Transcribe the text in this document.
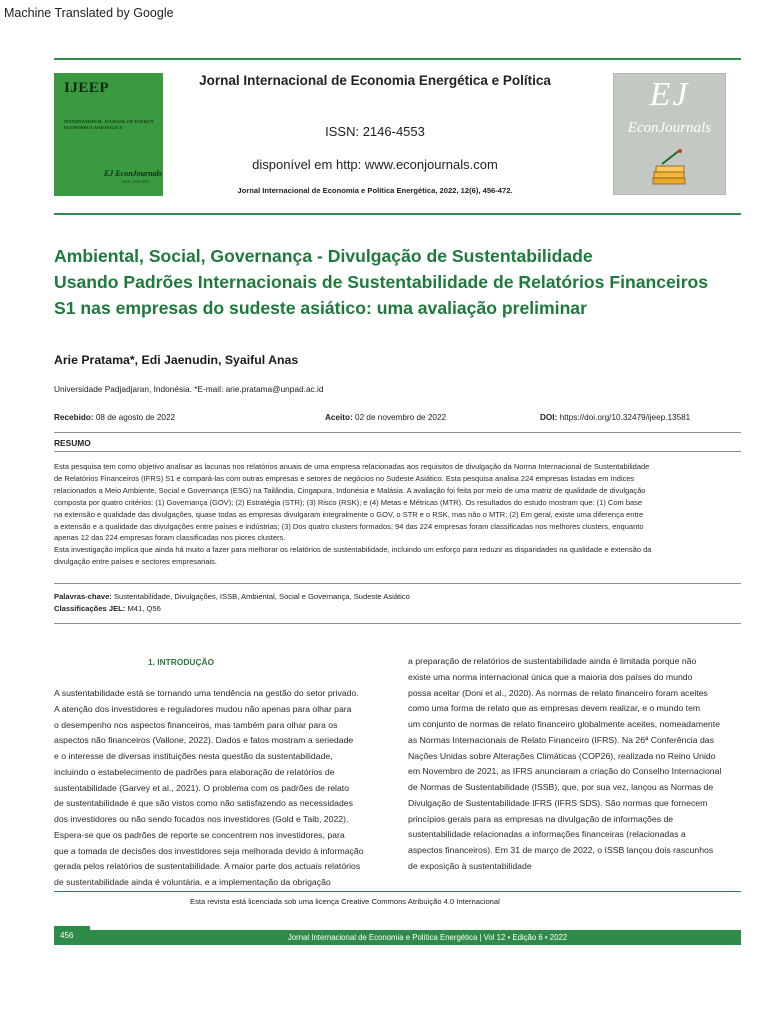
Machine Translated by Google
IJEEP
INTERNATIONAL JOURNAL OF ENERGY ECONOMICS AND POLICY
EJ EconJournals
ISSN: 2146-4553
Jornal Internacional de Economia Energética e Política
ISSN: 2146-4553
disponível em http: www.econjournals.com
Jornal Internacional de Economia e Política Energética, 2022, 12(6), 456-472.
EJ
EconJournals
Ambiental, Social, Governança - Divulgação de Sustentabilidade
Usando Padrões Internacionais de Sustentabilidade de Relatórios Financeiros
S1 nas empresas do sudeste asiático: uma avaliação preliminar
Arie Pratama*, Edi Jaenudin, Syaiful Anas
Universidade Padjadjaran, Indonésia. *E-mail: arie.pratama@unpad.ac.id
Recebido: 08 de agosto de 2022	Aceito: 02 de novembro de 2022	DOI: https://doi.org/10.32479/ijeep.13581
RESUMO
Esta pesquisa tem como objetivo analisar as lacunas nos relatórios anuais de uma empresa relacionadas aos requisitos de divulgação da Norma Internacional de Sustentabilidade
de Relatórios Financeiros (IFRS) S1 e compará-las com outras empresas e setores de negócios no Sudeste Asiático. Esta pesquisa analisa 224 empresas listadas em índices
relacionados a Meio Ambiente, Social e Governança (ESG) na Tailândia, Cingapura, Indonésia e Malásia. A avaliação foi feita por meio de uma matriz de qualidade de divulgação
composta por quatro critérios: (1) Governança (GOV); (2) Estratégia (STR); (3) Risco (RSK); e (4) Metas e Métricas (MTR). Os resultados do estudo mostram que: (1) Com base
na extensão e qualidade das divulgações, quase todas as empresas divulgaram integralmente o GOV, o STR e o RSK, mas não o MTR; (2) Em geral, existe uma diferença entre
a extensão e a qualidade das divulgações entre países e indústrias; (3) Dos quatro clusters formados, 94 das 224 empresas foram classificadas nos melhores clusters, enquanto
apenas 12 das 224 empresas foram classificadas nos piores clusters.
Esta investigação implica que ainda há muito a fazer para melhorar os relatórios de sustentabilidade, incluindo um esforço para reduzir as disparidades na qualidade e extensão da
divulgação entre países e sectores empresariais.
Palavras-chave: Sustentabilidade, Divulgações, ISSB, Ambiental, Social e Governança, Sudeste Asiático
Classificações JEL: M41, Q56
1. INTRODUÇÃO
A sustentabilidade está se tornando uma tendência na gestão do setor privado.
A atenção dos investidores e reguladores mudou não apenas para olhar para
o desempenho nos aspectos financeiros, mas também para olhar para os
aspectos não financeiros (Vallone, 2022). Dados e fatos mostram a seriedade
e o interesse de diversas instituições nesta questão da sustentabilidade,
incluindo o estabelecimento de padrões para elaboração de relatórios de
sustentabilidade (Garvey et al., 2021). O problema com os padrões de relato
de sustentabilidade é que são vistos como não satisfazendo as necessidades
dos investidores ou não sendo focados nos investidores (Gold e Taib, 2022).
Espera-se que os padrões de reporte se concentrem nos investidores, para
que a tomada de decisões dos investidores seja melhorada devido à informação
gerada pelos relatórios de sustentabilidade. A maior parte dos actuais relatórios
de sustentabilidade ainda é voluntária, e a implementação da obrigação
a preparação de relatórios de sustentabilidade ainda é limitada porque não
existe uma norma internacional única que a maioria dos países do mundo
possa aceitar (Doni et al., 2020). As normas de relato financeiro foram aceites
como uma forma de relato que as empresas devem realizar, e o mundo tem
um conjunto de normas de relato financeiro globalmente aceites, nomeadamente
as Normas Internacionais de Relato Financeiro (IFRS). Na 26ª Conferência das
Nações Unidas sobre Alterações Climáticas (COP26), realizada no Reino Unido
em Novembro de 2021, as IFRS anunciaram a criação do Conselho Internacional
de Normas de Sustentabilidade (ISSB), que, por sua vez, lançou as Normas de
Divulgação de Sustentabilidade IFRS (IFRS SDS). São normas que fornecem
princípios gerais para as empresas na divulgação de informações de
sustentabilidade relacionadas a informações financeiras (relacionadas a
aspectos financeiros). Em 31 de março de 2022, o ISSB lançou dois rascunhos
de exposição à sustentabilidade
Esta revista está licenciada sob uma licença Creative Commons Atribuição 4.0 Internacional
456	Jornal Internacional de Economia e Política Energética | Vol 12 • Edição 6 • 2022
